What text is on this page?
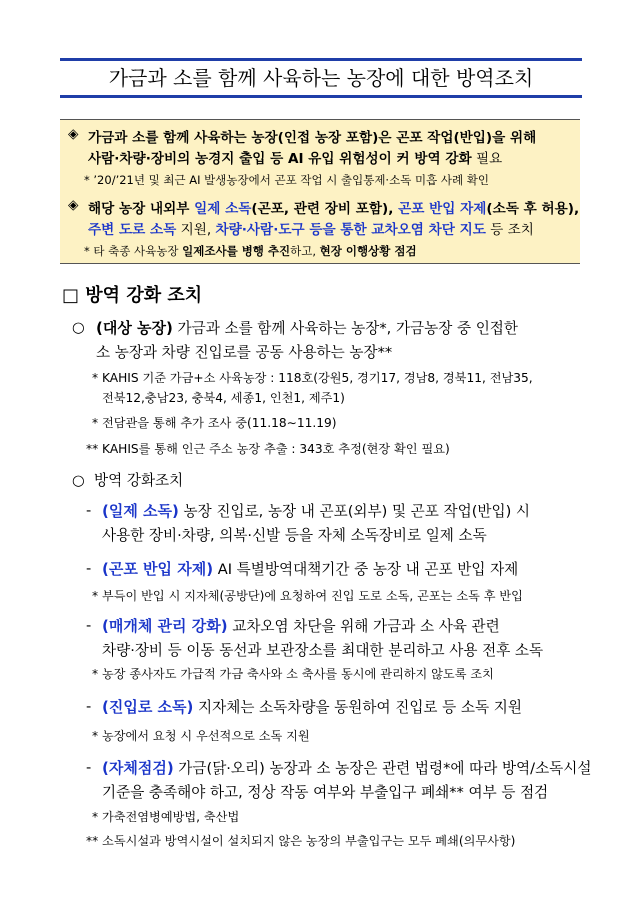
가금과 소를 함께 사육하는 농장에 대한 방역조치
◈ 가금과 소를 함께 사육하는 농장(인접 농장 포함)은 곤포 작업(반입)을 위해
사람·차량·장비의 농경지 출입 등 AI 유입 위험성이 커 방역 강화 필요
* ’20/’21년 및 최근 AI 발생농장에서 곤포 작업 시 출입통제·소독 미흡 사례 확인
◈ 해당 농장 내외부 일제 소독(곤포, 관련 장비 포함), 곤포 반입 자제(소독 후 허용),
주변 도로 소독 지원, 차량·사람·도구 등을 통한 교차오염 차단 지도 등 조치
* 타 축종 사육농장 일제조사를 병행 추진하고, 현장 이행상황 점검
□ 방역 강화 조치
○ (대상 농장) 가금과 소를 함께 사육하는 농장*, 가금농장 중 인접한
소 농장과 차량 진입로를 공동 사용하는 농장**
* KAHIS 기준 가금+소 사육농장 : 118호(강원5, 경기17, 경남8, 경북11, 전남35,
전북12,충남23, 충북4, 세종1, 인천1, 제주1)
* 전담관을 통해 추가 조사 중(11.18∼11.19)
** KAHIS를 통해 인근 주소 농장 추출 : 343호 추정(현장 확인 필요)
○ 방역 강화조치
- (일제 소독) 농장 진입로, 농장 내 곤포(외부) 및 곤포 작업(반입) 시
사용한 장비·차량, 의복·신발 등을 자체 소독장비로 일제 소독
- (곤포 반입 자제) AI 특별방역대책기간 중 농장 내 곤포 반입 자제
* 부득이 반입 시 지자체(공방단)에 요청하여 진입 도로 소독, 곤포는 소독 후 반입
- (매개체 관리 강화) 교차오염 차단을 위해 가금과 소 사육 관련
차량·장비 등 이동 동선과 보관장소를 최대한 분리하고 사용 전후 소독
* 농장 종사자도 가급적 가금 축사와 소 축사를 동시에 관리하지 않도록 조치
- (진입로 소독) 지자체는 소독차량을 동원하여 진입로 등 소독 지원
* 농장에서 요청 시 우선적으로 소독 지원
- (자체점검) 가금(닭·오리) 농장과 소 농장은 관련 법령*에 따라 방역/소독시설
기준을 충족해야 하고, 정상 작동 여부와 부출입구 폐쇄** 여부 등 점검
* 가축전염병예방법, 축산법
** 소독시설과 방역시설이 설치되지 않은 농장의 부출입구는 모두 폐쇄(의무사항)
